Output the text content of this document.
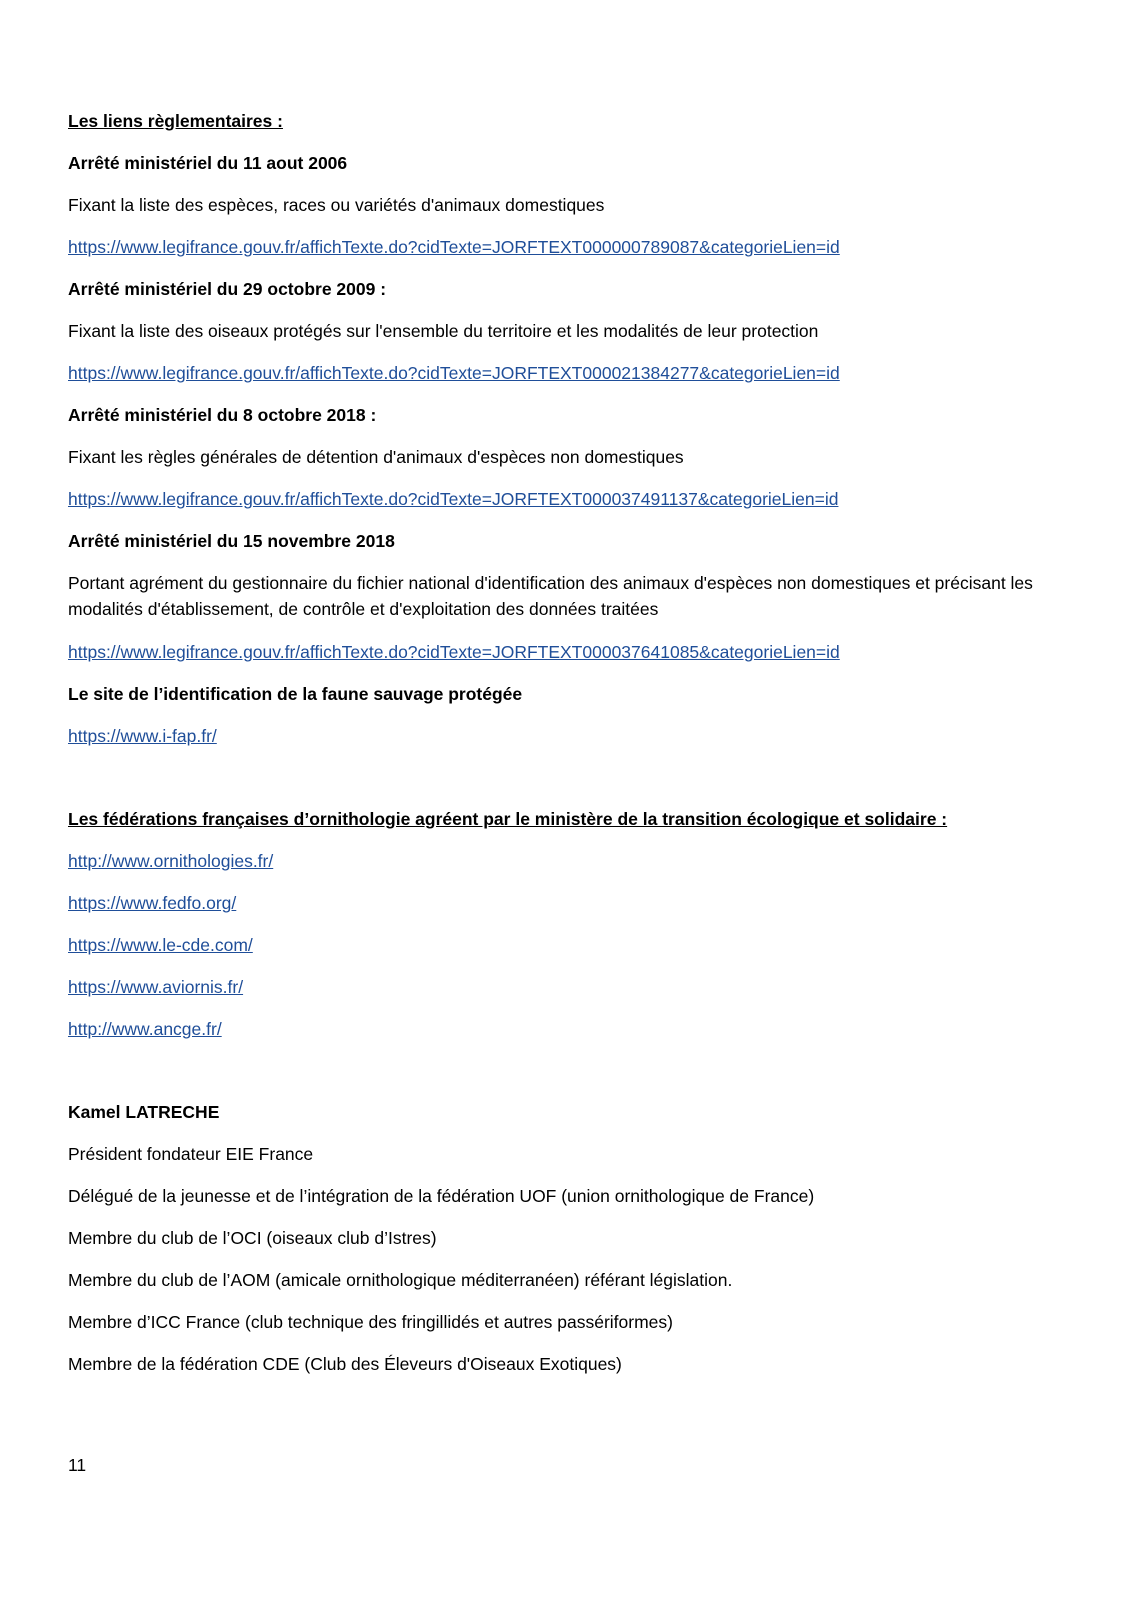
Les liens règlementaires :

Arrêté ministériel du 11 aout 2006

Fixant la liste des espèces, races ou variétés d'animaux domestiques

https://www.legifrance.gouv.fr/affichTexte.do?cidTexte=JORFTEXT000000789087&categorieLien=id

Arrêté ministériel du 29 octobre 2009 :

Fixant la liste des oiseaux protégés sur l'ensemble du territoire et les modalités de leur protection

https://www.legifrance.gouv.fr/affichTexte.do?cidTexte=JORFTEXT000021384277&categorieLien=id

Arrêté ministériel du 8 octobre 2018 :

Fixant les règles générales de détention d'animaux d'espèces non domestiques

https://www.legifrance.gouv.fr/affichTexte.do?cidTexte=JORFTEXT000037491137&categorieLien=id

Arrêté ministériel du 15 novembre 2018

Portant agrément du gestionnaire du fichier national d'identification des animaux d'espèces non domestiques et précisant les modalités d'établissement, de contrôle et d'exploitation des données traitées

https://www.legifrance.gouv.fr/affichTexte.do?cidTexte=JORFTEXT000037641085&categorieLien=id

Le site de l’identification de la faune sauvage protégée

https://www.i-fap.fr/

Les fédérations françaises d’ornithologie agréent par le ministère de la transition écologique et solidaire :

http://www.ornithologies.fr/
https://www.fedfo.org/
https://www.le-cde.com/
https://www.aviornis.fr/
http://www.ancge.fr/

Kamel LATRECHE

Président fondateur EIE France

Délégué de la jeunesse et de l’intégration de la fédération UOF (union ornithologique de France)

Membre du club de l’OCI (oiseaux club d’Istres)

Membre du club de l’AOM (amicale ornithologique méditerranéen) référant législation.

Membre d’ICC France (club technique des fringillidés et autres passériformes)

Membre de la fédération CDE (Club des Éleveurs d'Oiseaux Exotiques)

11
